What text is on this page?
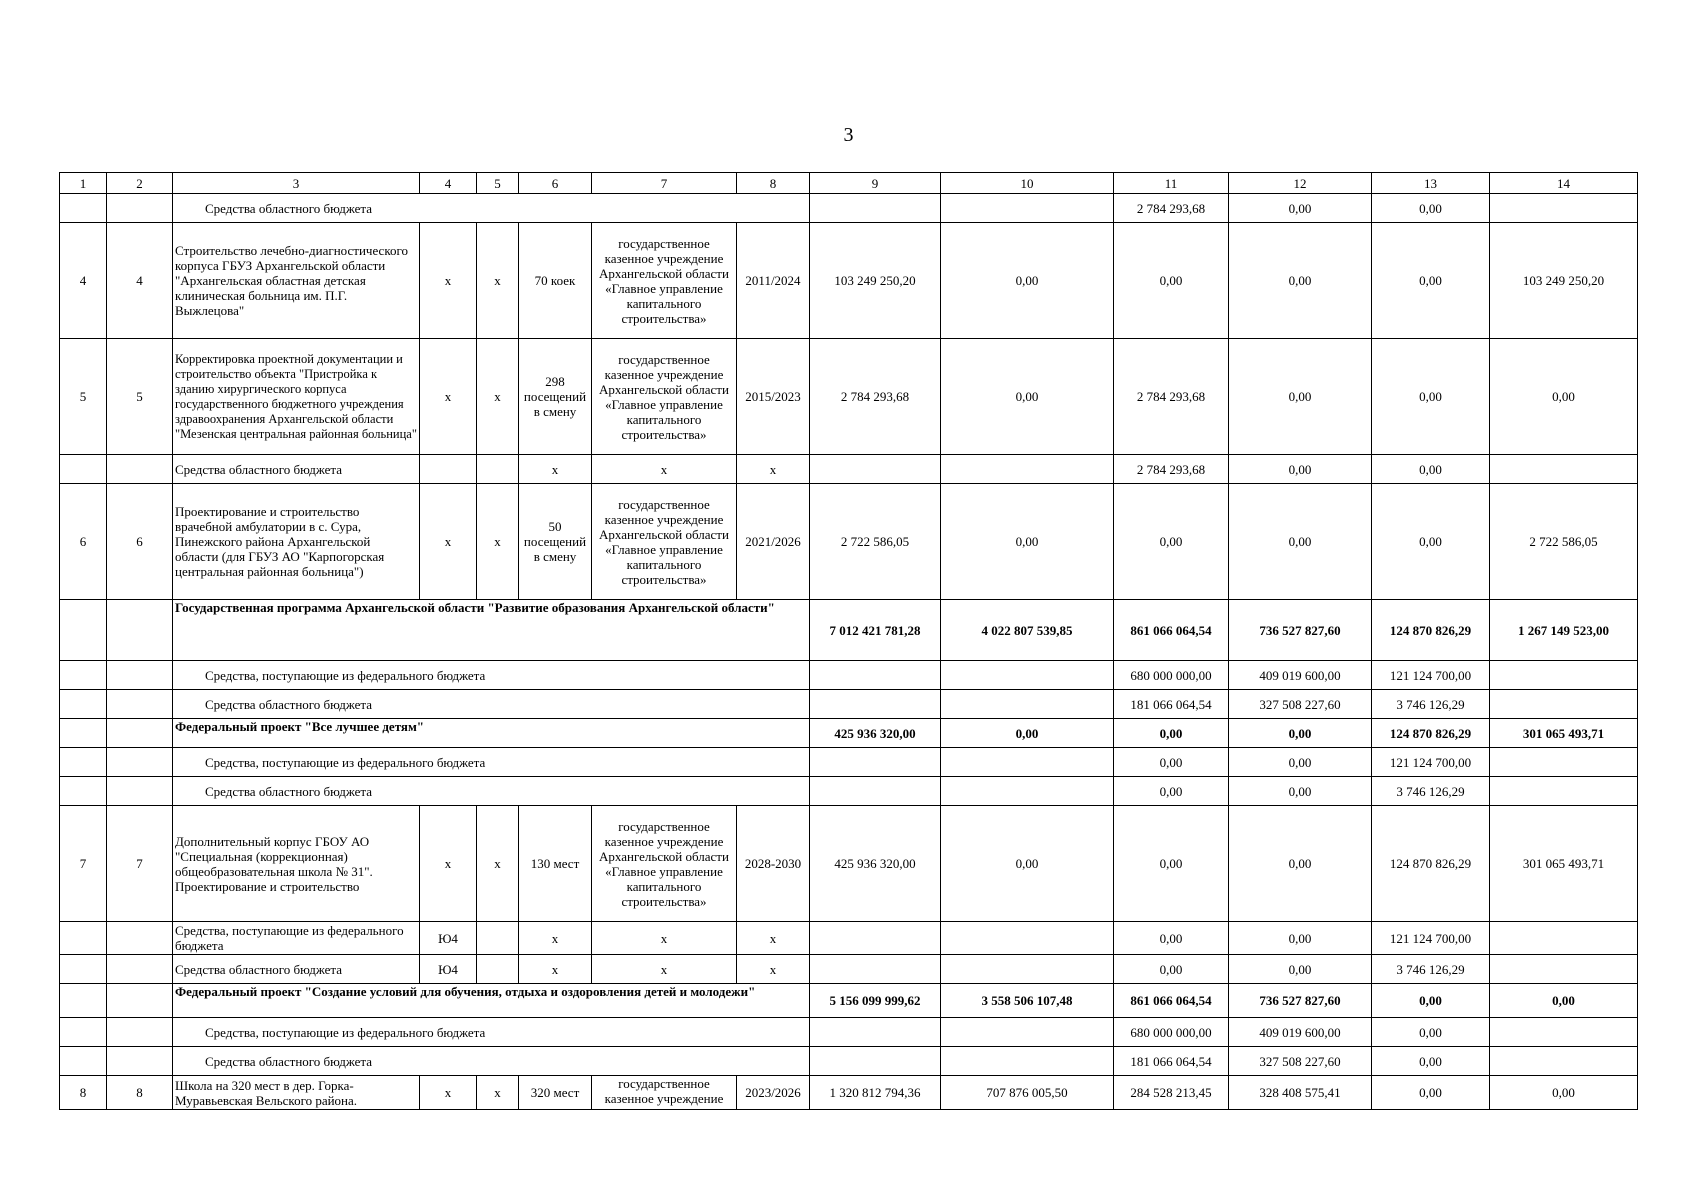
3
1	2	3	4	5	6	7	8	9	10	11	12	13	14
		Средства областного бюджета								2 784 293,68	0,00	0,00	
4	4	Строительство лечебно-диагностического корпуса ГБУЗ Архангельской области "Архангельская областная детская клиническая больница им. П.Г. Выжлецова"	х	х	70 коек	государственное казенное учреждение Архангельской области «Главное управление капитального строительства»	2011/2024	103 249 250,20	0,00	0,00	0,00	0,00	103 249 250,20
5	5	Корректировка проектной документации и строительство объекта "Пристройка к зданию хирургического корпуса государственного бюджетного учреждения здравоохранения Архангельской области "Мезенская центральная районная больница"	х	х	298 посещений в смену	государственное казенное учреждение Архангельской области «Главное управление капитального строительства»	2015/2023	2 784 293,68	0,00	2 784 293,68	0,00	0,00	0,00
		Средства областного бюджета			х	х	х			2 784 293,68	0,00	0,00	
6	6	Проектирование и строительство врачебной амбулатории в с. Сура, Пинежского района Архангельской области (для ГБУЗ АО "Карпогорская центральная районная больница")	х	х	50 посещений в смену	государственное казенное учреждение Архангельской области «Главное управление капитального строительства»	2021/2026	2 722 586,05	0,00	0,00	0,00	0,00	2 722 586,05
		Государственная программа Архангельской области "Развитие образования Архангельской области"						7 012 421 781,28	4 022 807 539,85	861 066 064,54	736 527 827,60	124 870 826,29	1 267 149 523,00
		Средства, поступающие из федерального бюджета								680 000 000,00	409 019 600,00	121 124 700,00	
		Средства областного бюджета								181 066 064,54	327 508 227,60	3 746 126,29	
		Федеральный проект "Все лучшее детям"						425 936 320,00	0,00	0,00	0,00	124 870 826,29	301 065 493,71
		Средства, поступающие из федерального бюджета								0,00	0,00	121 124 700,00	
		Средства областного бюджета								0,00	0,00	3 746 126,29	
7	7	Дополнительный корпус ГБОУ АО "Специальная (коррекционная) общеобразовательная школа № 31". Проектирование и строительство	х	х	130 мест	государственное казенное учреждение Архангельской области «Главное управление капитального строительства»	2028-2030	425 936 320,00	0,00	0,00	0,00	124 870 826,29	301 065 493,71
		Средства, поступающие из федерального бюджета	Ю4		х	х	х			0,00	0,00	121 124 700,00	
		Средства областного бюджета	Ю4		х	х	х			0,00	0,00	3 746 126,29	
		Федеральный проект "Создание условий для обучения, отдыха и оздоровления детей и молодежи"						5 156 099 999,62	3 558 506 107,48	861 066 064,54	736 527 827,60	0,00	0,00
		Средства, поступающие из федерального бюджета								680 000 000,00	409 019 600,00	0,00	
		Средства областного бюджета								181 066 064,54	327 508 227,60	0,00	
8	8	Школа на 320 мест в дер. Горка-Муравьевская Вельского района.	х	х	320 мест	государственное казенное учреждение	2023/2026	1 320 812 794,36	707 876 005,50	284 528 213,45	328 408 575,41	0,00	0,00
